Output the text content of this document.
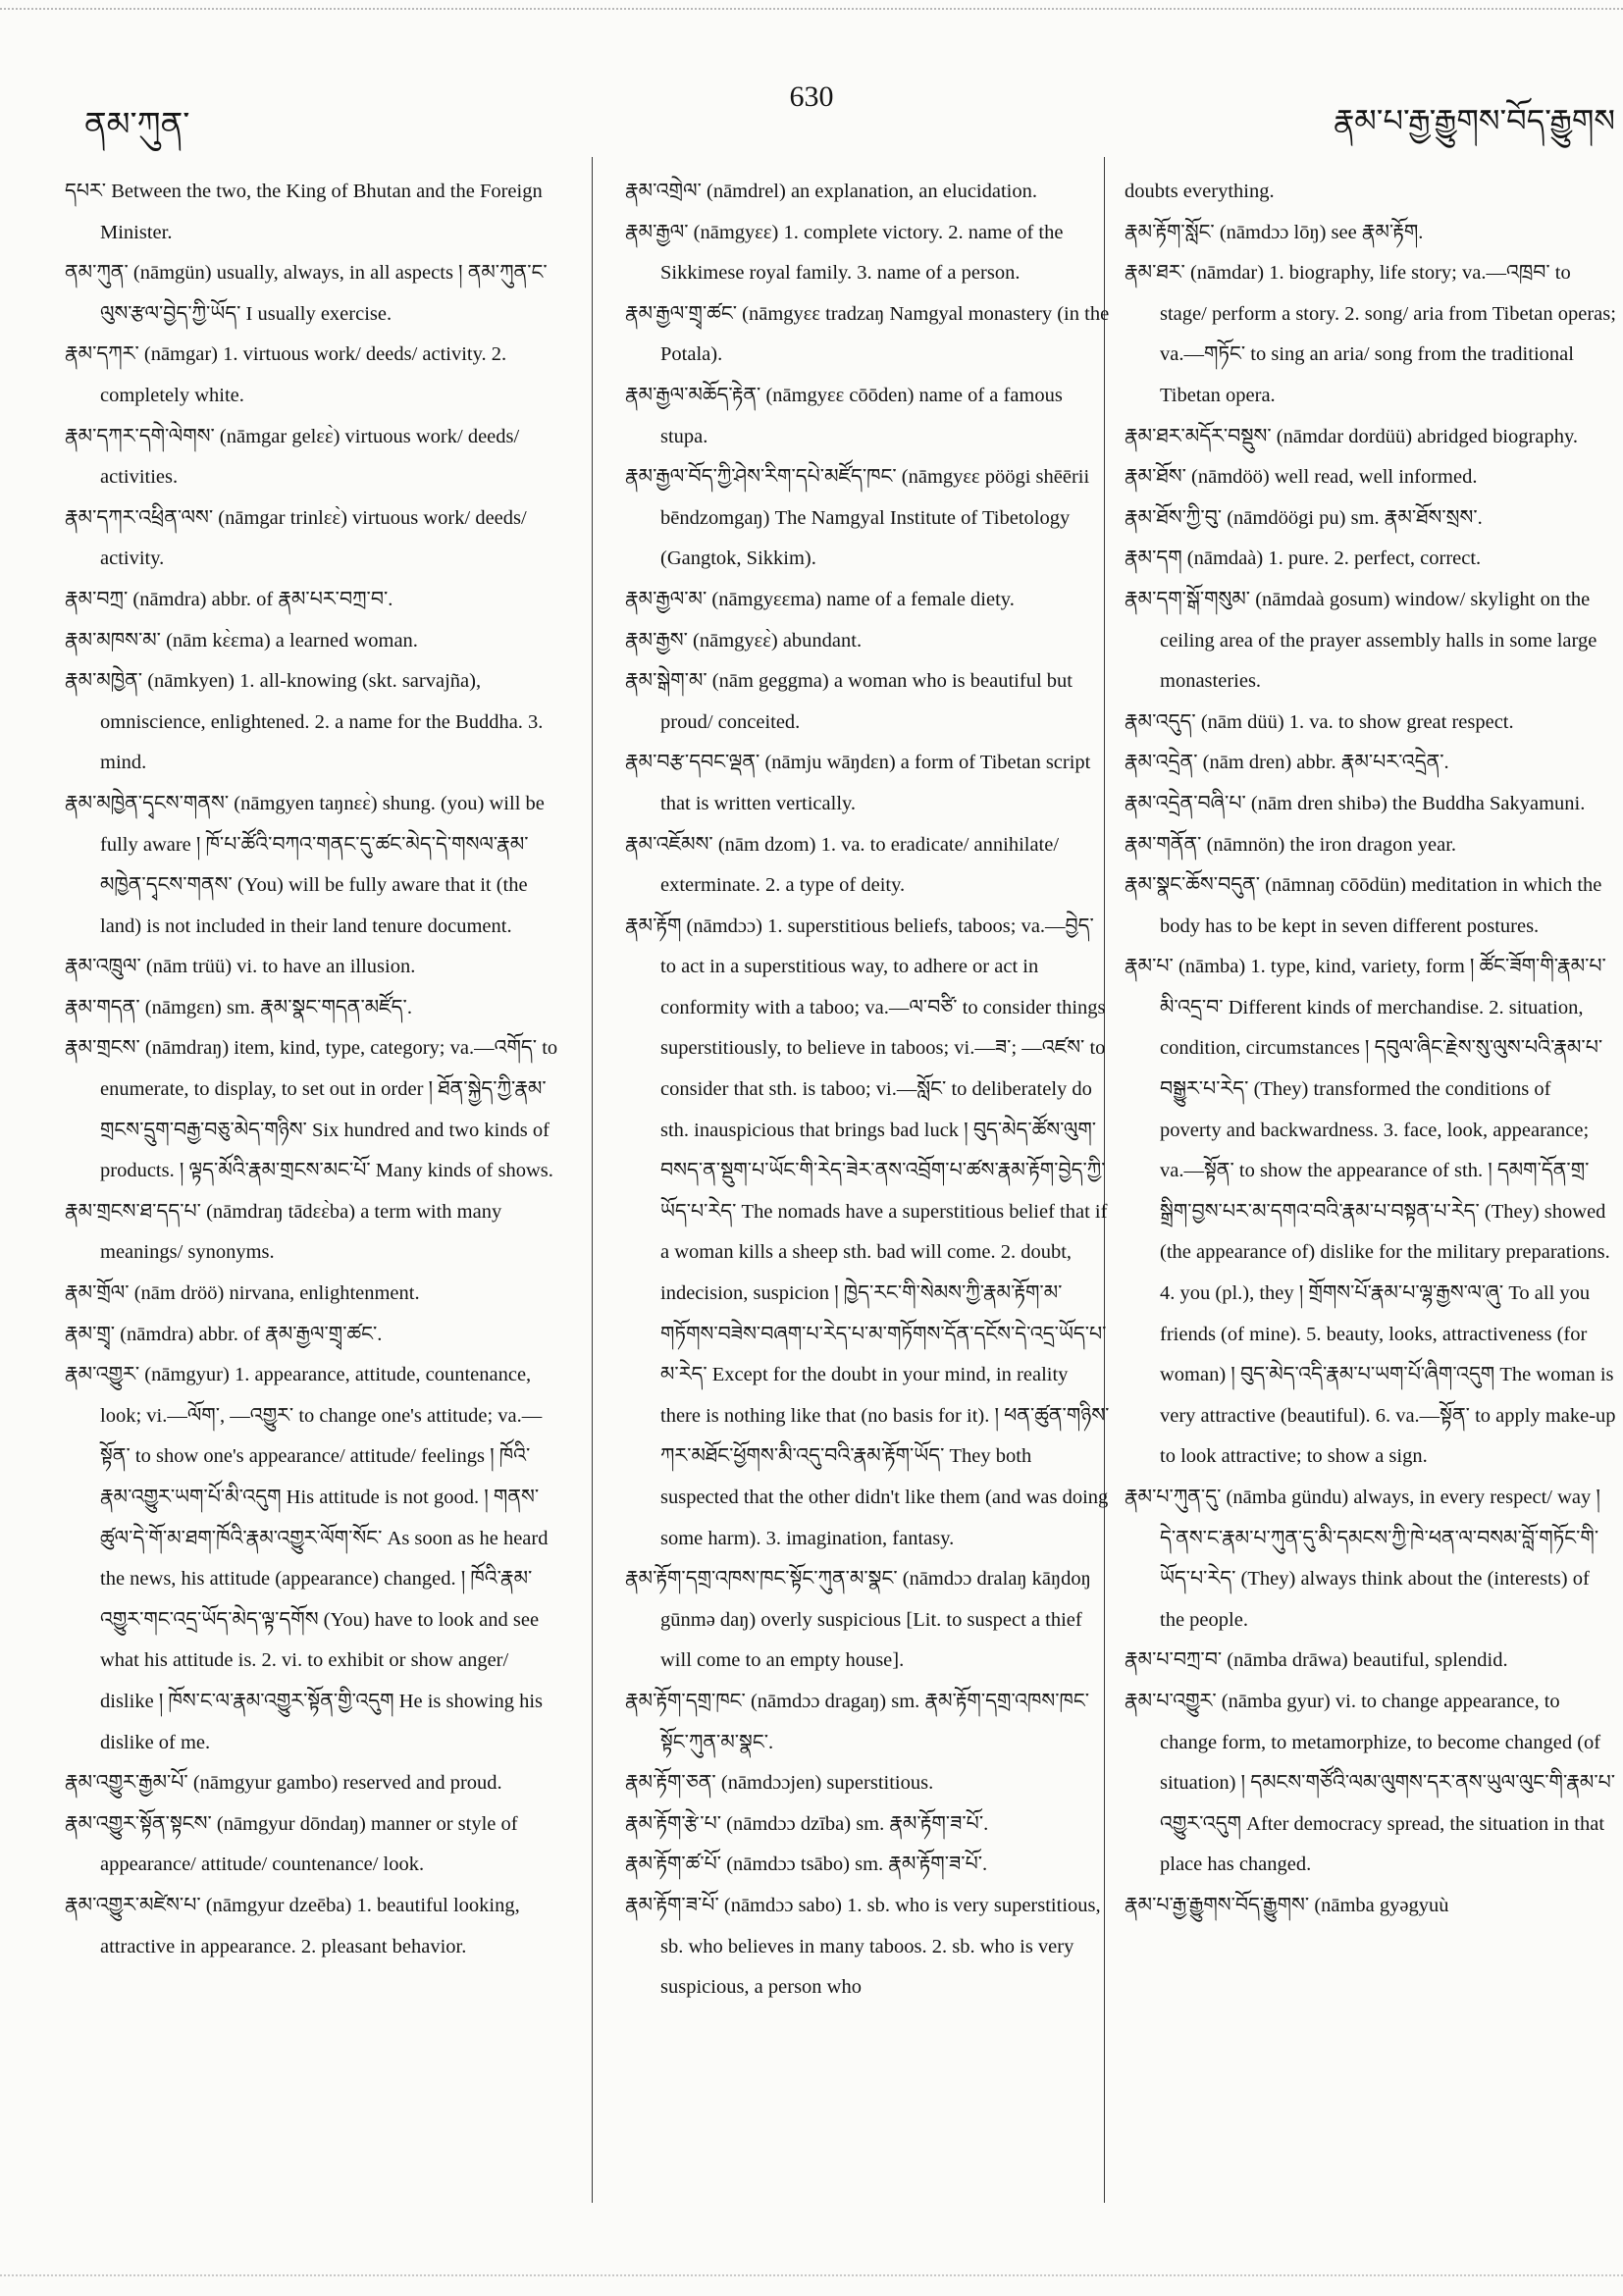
ནམ་ཀུན་
630
རྣམ་པ་རྒྱ་རྒྱུགས་བོད་རྒྱུགས

དཔར་ Between the two, the King of Bhutan and the Foreign Minister.

ནམ་ཀུན་ (nāmgün) usually, always, in all aspects ། ནམ་ཀུན་ང་ལུས་རྩལ་བྱེད་ཀྱི་ཡོད་ I usually exercise.

རྣམ་དཀར་ (nāmgar) 1. virtuous work/ deeds/ activity. 2. completely white.

རྣམ་དཀར་དགེ་ལེགས་ (nāmgar gelɛɛ̀) virtuous work/ deeds/ activities.

རྣམ་དཀར་འཕྲིན་ལས་ (nāmgar trinlɛɛ̀) virtuous work/ deeds/ activity.

རྣམ་བཀྲ་ (nāmdra) abbr. of རྣམ་པར་བཀྲ་བ་.

རྣམ་མཁས་མ་ (nām kɛ̀ɛma) a learned woman.

རྣམ་མཁྱེན་ (nāmkyen) 1. all-knowing (skt. sarvajña), omniscience, enlightened. 2. a name for the Buddha. 3. mind.

རྣམ་མཁྱེན་དྭངས་གནས་ (nāmgyen taŋnɛɛ̀) shung. (you) will be fully aware ། ཁོ་པ་ཚོའི་བཀའ་གནང་དུ་ཚང་མེད་དེ་གསལ་རྣམ་མཁྱེན་དྭངས་གནས་ (You) will be fully aware that it (the land) is not included in their land tenure document.

རྣམ་འཁྲུལ་ (nām trüü) vi. to have an illusion.

རྣམ་གདན་ (nāmgɛn) sm. རྣམ་སྣང་གདན་མཛོད་.

རྣམ་གྲངས་ (nāmdraŋ) item, kind, type, category; va.—འགོད་ to enumerate, to display, to set out in order ། ཐོན་སྐྱེད་ཀྱི་རྣམ་གྲངས་དྲུག་བརྒྱ་བཅུ་མེད་གཉིས་ Six hundred and two kinds of products. ། ལྟད་མོའི་རྣམ་གྲངས་མང་པོ་ Many kinds of shows.

རྣམ་གྲངས་ཐ་དད་པ་ (nāmdraŋ tādɛɛ̀ba) a term with many meanings/ synonyms.

རྣམ་གྲོལ་ (nām dröö) nirvana, enlightenment.

རྣམ་གྲྭ་ (nāmdra) abbr. of རྣམ་རྒྱལ་གྲྭ་ཚང་.

རྣམ་འགྱུར་ (nāmgyur) 1. appearance, attitude, countenance, look; vi.—ལོག་, —འགྱུར་ to change one's attitude; va.—སྟོན་ to show one's appearance/ attitude/ feelings ། ཁོའི་རྣམ་འགྱུར་ཡག་པོ་མི་འདུག His attitude is not good. ། གནས་ཚུལ་དེ་གོ་མ་ཐག་ཁོའི་རྣམ་འགྱུར་ལོག་སོང་ As soon as he heard the news, his attitude (appearance) changed. ། ཁོའི་རྣམ་འགྱུར་གང་འདྲ་ཡོད་མེད་ལྟ་དགོས (You) have to look and see what his attitude is. 2. vi. to exhibit or show anger/ dislike ། ཁོས་ང་ལ་རྣམ་འགྱུར་སྟོན་གྱི་འདུག He is showing his dislike of me.

རྣམ་འགྱུར་རྒྱམ་པོ་ (nāmgyur gambo) reserved and proud.

རྣམ་འགྱུར་སྟོན་སྟངས་ (nāmgyur dōndaŋ) manner or style of appearance/ attitude/ countenance/ look.

རྣམ་འགྱུར་མཛེས་པ་ (nāmgyur dzeēba) 1. beautiful looking, attractive in appearance. 2. pleasant behavior.

རྣམ་འགྲེལ་ (nāmdrel) an explanation, an elucidation.

རྣམ་རྒྱལ་ (nāmgyɛɛ) 1. complete victory. 2. name of the Sikkimese royal family. 3. name of a person.

རྣམ་རྒྱལ་གྲྭ་ཚང་ (nāmgyɛɛ tradzaŋ Namgyal monastery (in the Potala).

རྣམ་རྒྱལ་མཆོད་རྟེན་ (nāmgyɛɛ cōōden) name of a famous stupa.

རྣམ་རྒྱལ་བོད་ཀྱི་ཤེས་རིག་དཔེ་མཛོད་ཁང་ (nāmgyɛɛ pöögi shēērii bēndzomgaŋ) The Namgyal Institute of Tibetology (Gangtok, Sikkim).

རྣམ་རྒྱལ་མ་ (nāmgyɛɛma) name of a female diety.

རྣམ་རྒྱས་ (nāmgyɛɛ̀) abundant.

རྣམ་སྒེག་མ་ (nām geggma) a woman who is beautiful but proud/ conceited.

རྣམ་བརྩ་དབང་ལྡན་ (nāmju wāŋdɛn) a form of Tibetan script that is written vertically.

རྣམ་འཇོམས་ (nām dzom) 1. va. to eradicate/ annihilate/ exterminate. 2. a type of deity.

རྣམ་རྟོག (nāmdɔɔ) 1. superstitious beliefs, taboos; va.—བྱེད་ to act in a superstitious way, to adhere or act in conformity with a taboo; va.—ལ་བཙི་ to consider things superstitiously, to believe in taboos; vi.—ཟ་; —འཛས་ to consider that sth. is taboo; vi.—སློང་ to deliberately do sth. inauspicious that brings bad luck ། བུད་མེད་ཚོས་ལུག་བསད་ན་སྡུག་པ་ཡོང་གི་རེད་ཟེར་ནས་འབྲོག་པ་ཚས་རྣམ་རྟོག་བྱེད་ཀྱི་ཡོད་པ་རེད་ The nomads have a superstitious belief that if a woman kills a sheep sth. bad will come. 2. doubt, indecision, suspicion ། ཁྱེད་རང་གི་སེམས་ཀྱི་རྣམ་རྟོག་མ་གཏོགས་བཟེས་བཞག་པ་རེད་པ་མ་གཏོགས་དོན་དངོས་དེ་འདྲ་ཡོད་པ་མ་རེད་ Except for the doubt in your mind, in reality there is nothing like that (no basis for it). ། ཕན་ཚུན་གཉིས་ཀར་མཐོང་ཕྱོགས་མི་འདུ་བའི་རྣམ་རྟོག་ཡོད་ They both suspected that the other didn't like them (and was doing some harm). 3. imagination, fantasy.

རྣམ་རྟོག་དགྲ་འཁས་ཁང་སྟོང་ཀུན་མ་སྣང་ (nāmdɔɔ dralaŋ kāŋdoŋ gūnmə daŋ) overly suspicious [Lit. to suspect a thief will come to an empty house].

རྣམ་རྟོག་དགྲ་ཁང་ (nāmdɔɔ dragaŋ) sm. རྣམ་རྟོག་དགྲ་འཁས་ཁང་སྟོང་ཀུན་མ་སྣང་.

རྣམ་རྟོག་ཅན་ (nāmdɔɔjen) superstitious.

རྣམ་རྟོག་རྩེ་པ་ (nāmdɔɔ dzība) sm. རྣམ་རྟོག་ཟ་པོ་.

རྣམ་རྟོག་ཚ་པོ་ (nāmdɔɔ tsābo) sm. རྣམ་རྟོག་ཟ་པོ་.

རྣམ་རྟོག་ཟ་པོ་ (nāmdɔɔ sabo) 1. sb. who is very superstitious, sb. who believes in many taboos. 2. sb. who is very suspicious, a person who

doubts everything.

རྣམ་རྟོག་སློང་ (nāmdɔɔ lōŋ) see རྣམ་རྟོག.

རྣམ་ཐར་ (nāmdar) 1. biography, life story; va.—འཁྲབ་ to stage/ perform a story. 2. song/ aria from Tibetan operas; va.—གཏོང་ to sing an aria/ song from the traditional Tibetan opera.

རྣམ་ཐར་མདོར་བསྡུས་ (nāmdar dordüü) abridged biography.

རྣམ་ཐོས་ (nāmdöö) well read, well informed.

རྣམ་ཐོས་ཀྱི་བུ་ (nāmdöögi pu) sm. རྣམ་ཐོས་སྲས་.

རྣམ་དག (nāmdaà) 1. pure. 2. perfect, correct.

རྣམ་དག་སྒོ་གསུམ་ (nāmdaà gosum) window/ skylight on the ceiling area of the prayer assembly halls in some large monasteries.

རྣམ་འདུད་ (nām düü) 1. va. to show great respect.

རྣམ་འདྲེན་ (nām dren) abbr. རྣམ་པར་འདྲེན་.

རྣམ་འདྲེན་བཞི་པ་ (nām dren shibə) the Buddha Sakyamuni.

རྣམ་གནོན་ (nāmnön) the iron dragon year.

རྣམ་སྣང་ཆོས་བདུན་ (nāmnaŋ cōōdün) meditation in which the body has to be kept in seven different postures.

རྣམ་པ་ (nāmba) 1. type, kind, variety, form ། ཚོང་ཟོག་གི་རྣམ་པ་མི་འདྲ་བ་ Different kinds of merchandise. 2. situation, condition, circumstances ། དབུལ་ཞིང་རྗེས་སུ་ལུས་པའི་རྣམ་པ་བསྒྱུར་པ་རེད་ (They) transformed the conditions of poverty and backwardness. 3. face, look, appearance; va.—སྟོན་ to show the appearance of sth. ། དམག་དོན་གྲ་སྒྲིག་བྱས་པར་མ་དགའ་བའི་རྣམ་པ་བསྟན་པ་རེད་ (They) showed (the appearance of) dislike for the military preparations. 4. you (pl.), they ། གྲོགས་པོ་རྣམ་པ་ལྷ་རྒྱས་ལ་ཞུ་ To all you friends (of mine). 5. beauty, looks, attractiveness (for woman) ། བུད་མེད་འདི་རྣམ་པ་ཡག་པོ་ཞིག་འདུག The woman is very attractive (beautiful). 6. va.—སྟོན་ to apply make-up to look attractive; to show a sign.

རྣམ་པ་ཀུན་དུ་ (nāmba gündu) always, in every respect/ way ། དེ་ནས་ང་རྣམ་པ་ཀུན་དུ་མི་དམངས་ཀྱི་ཁེ་ཕན་ལ་བསམ་བློ་གཏོང་གི་ཡོད་པ་རེད་ (They) always think about the (interests) of the people.

རྣམ་པ་བཀྲ་བ་ (nāmba drāwa) beautiful, splendid.

རྣམ་པ་འགྱུར་ (nāmba gyur) vi. to change appearance, to change form, to metamorphize, to become changed (of situation) ། དམངས་གཙོའི་ལམ་ལུགས་དར་ནས་ཡུལ་ལུང་གི་རྣམ་པ་འགྱུར་འདུག After democracy spread, the situation in that place has changed.

རྣམ་པ་རྒྱ་རྒྱུགས་བོད་རྒྱུགས་ (nāmba gyəgyuù
